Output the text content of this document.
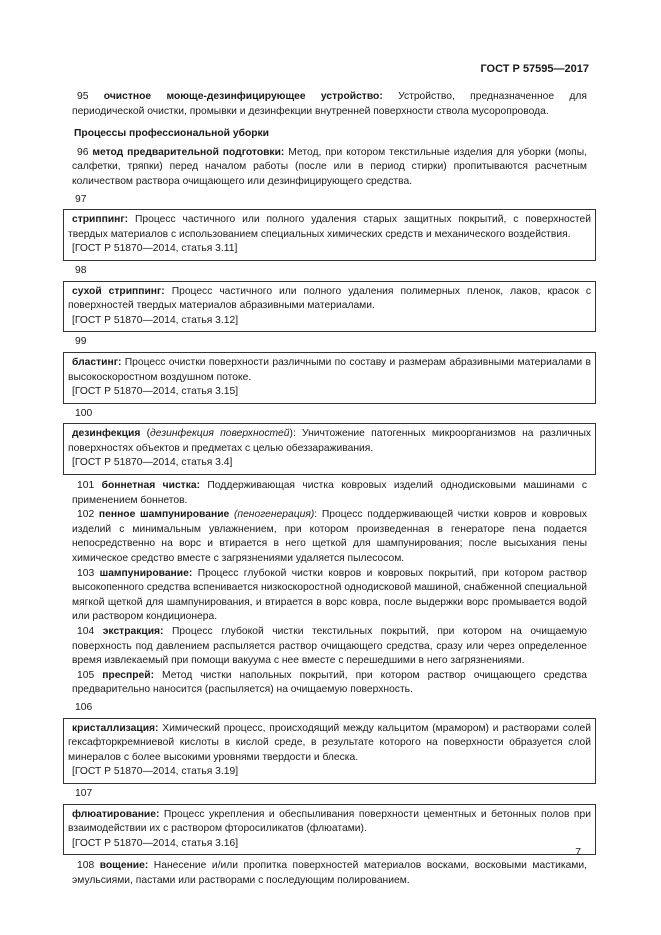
ГОСТ Р 57595—2017

95 очистное моюще-дезинфицирующее устройство: Устройство, предназначенное для периодической очистки, промывки и дезинфекции внутренней поверхности ствола мусоропровода.

Процессы профессиональной уборки

96 метод предварительной подготовки: Метод, при котором текстильные изделия для уборки (мопы, салфетки, тряпки) перед началом работы (после или в период стирки) пропитываются расчетным количеством раствора очищающего или дезинфицирующего средства.

97

стриппинг: Процесс частичного или полного удаления старых защитных покрытий, с поверхностей твердых материалов с использованием специальных химических средств и механического воздействия.

[ГОСТ Р 51870—2014, статья 3.11]

98

сухой стриппинг: Процесс частичного или полного удаления полимерных пленок, лаков, красок с поверхностей твердых материалов абразивными материалами.

[ГОСТ Р 51870—2014, статья 3.12]

99

бластинг: Процесс очистки поверхности различными по составу и размерам абразивными материалами в высокоскоростном воздушном потоке.

[ГОСТ Р 51870—2014, статья 3.15]

100

дезинфекция (дезинфекция поверхностей): Уничтожение патогенных микроорганизмов на различных поверхностях объектов и предметах с целью обеззараживания.

[ГОСТ Р 51870—2014, статья 3.4]

101 боннетная чистка: Поддерживающая чистка ковровых изделий однодисковыми машинами с применением боннетов.

102 пенное шампунирование (пеногенерация): Процесс поддерживающей чистки ковров и ковровых изделий с минимальным увлажнением, при котором произведенная в генераторе пена подается непосредственно на ворс и втирается в него щеткой для шампунирования; после высыхания пены химическое средство вместе с загрязнениями удаляется пылесосом.

103 шампунирование: Процесс глубокой чистки ковров и ковровых покрытий, при котором раствор высокопенного средства вспенивается низкоскоростной однодисковой машиной, снабженной специальной мягкой щеткой для шампунирования, и втирается в ворс ковра, после выдержки ворс промывается водой или раствором кондиционера.

104 экстракция: Процесс глубокой чистки текстильных покрытий, при котором на очищаемую поверхность под давлением распыляется раствор очищающего средства, сразу или через определенное время извлекаемый при помощи вакуума с нее вместе с перешедшими в него загрязнениями.

105 преспрей: Метод чистки напольных покрытий, при котором раствор очищающего средства предварительно наносится (распыляется) на очищаемую поверхность.

106

кристаллизация: Химический процесс, происходящий между кальцитом (мрамором) и растворами солей гексафторкремниевой кислоты в кислой среде, в результате которого на поверхности образуется слой минералов с более высокими уровнями твердости и блеска.

[ГОСТ Р 51870—2014, статья 3.19]

107

флюатирование: Процесс укрепления и обеспыливания поверхности цементных и бетонных полов при взаимодействии их с раствором фторосиликатов (флюатами).

[ГОСТ Р 51870—2014, статья 3.16]

108 вощение: Нанесение и/или пропитка поверхностей материалов восками, восковыми мастиками, эмульсиями, пастами или растворами с последующим полированием.

7
